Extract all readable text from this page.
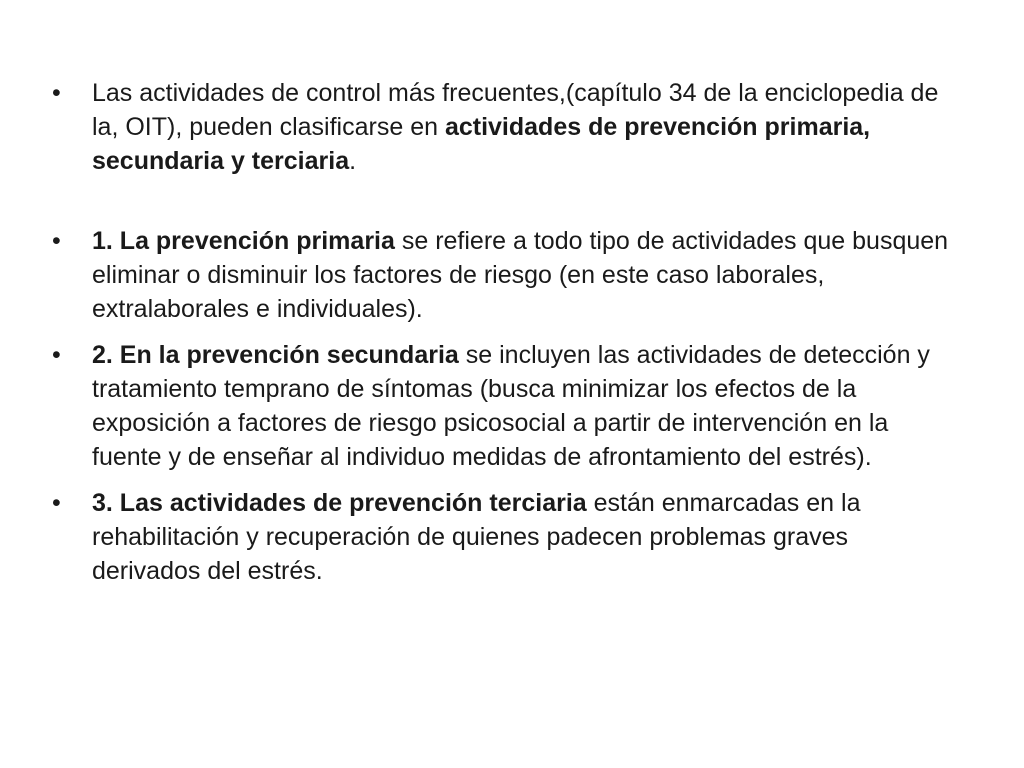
•	Las actividades de control más frecuentes,(capítulo 34 de la enciclopedia de la, OIT), pueden clasificarse en actividades de prevención primaria, secundaria y terciaria.
•	1. La prevención primaria se refiere a todo tipo de actividades que busquen eliminar o disminuir los factores de riesgo (en este caso laborales, extralaborales e individuales).
•	2. En la prevención secundaria se incluyen las actividades de detección y tratamiento temprano de síntomas (busca minimizar los efectos de la exposición a factores de riesgo psicosocial a partir de intervención en la fuente y de enseñar al individuo medidas de afrontamiento del estrés).
•	3. Las actividades de prevención terciaria están enmarcadas en la rehabilitación y recuperación de quienes padecen problemas graves derivados del estrés.
